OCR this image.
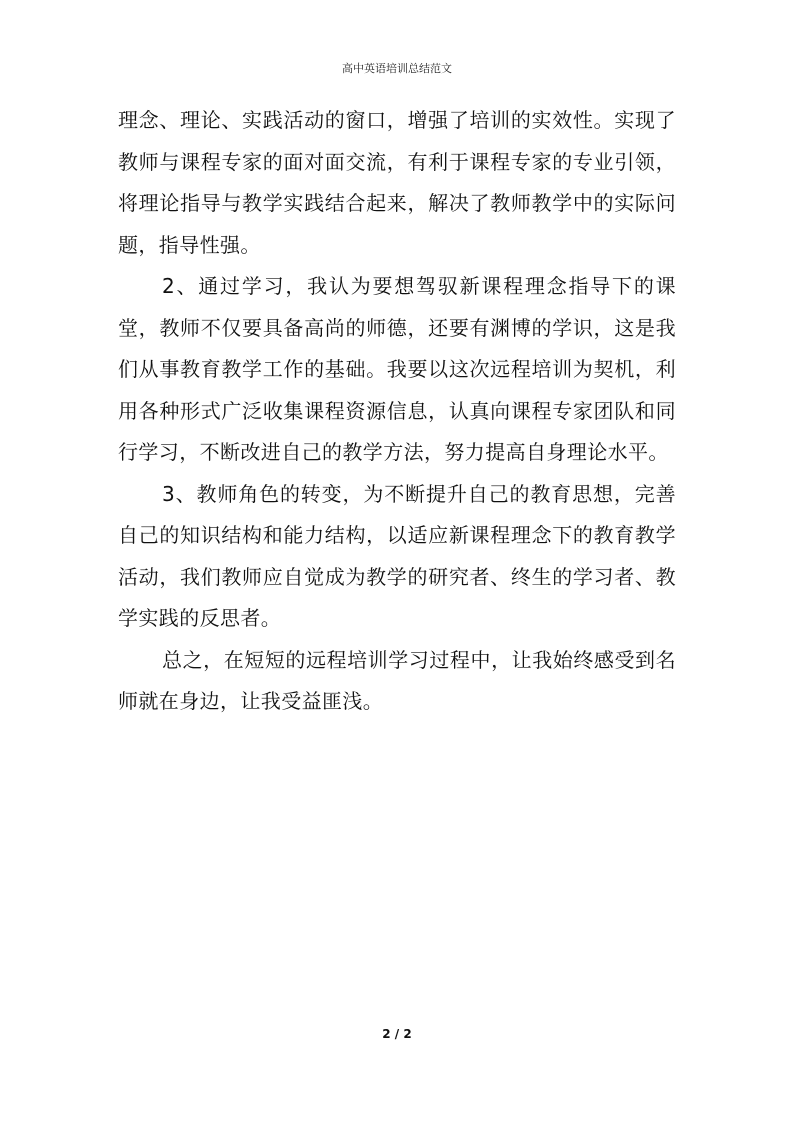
高中英语培训总结范文

理念、理论、实践活动的窗口，增强了培训的实效性。实现了教师与课程专家的面对面交流，有利于课程专家的专业引领，将理论指导与教学实践结合起来，解决了教师教学中的实际问题，指导性强。

2、通过学习，我认为要想驾驭新课程理念指导下的课堂，教师不仅要具备高尚的师德，还要有渊博的学识，这是我们从事教育教学工作的基础。我要以这次远程培训为契机，利用各种形式广泛收集课程资源信息，认真向课程专家团队和同行学习，不断改进自己的教学方法，努力提高自身理论水平。

3、教师角色的转变，为不断提升自己的教育思想，完善自己的知识结构和能力结构，以适应新课程理念下的教育教学活动，我们教师应自觉成为教学的研究者、终生的学习者、教学实践的反思者。

总之，在短短的远程培训学习过程中，让我始终感受到名师就在身边，让我受益匪浅。

2 / 2
